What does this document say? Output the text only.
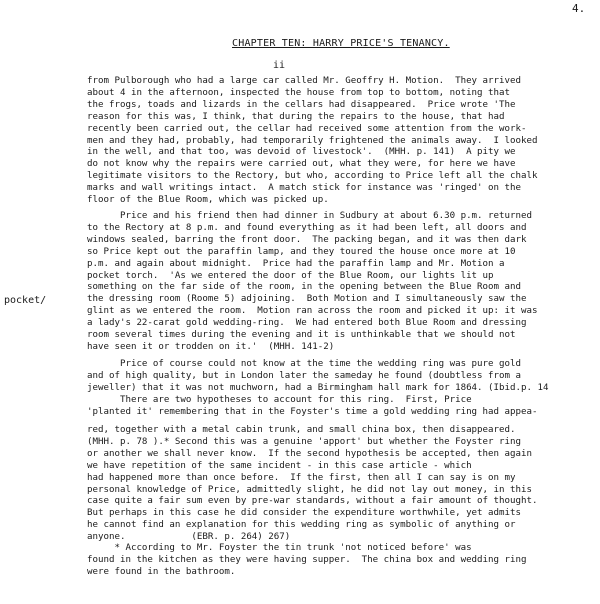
4.
CHAPTER TEN: HARRY PRICE'S TENANCY.
ii
pocket/
from Pulborough who had a large car called Mr. Geoffry H. Motion.  They arrived
about 4 in the afternoon, inspected the house from top to bottom, noting that
the frogs, toads and lizards in the cellars had disappeared.  Price wrote 'The
reason for this was, I think, that during the repairs to the house, that had
recently been carried out, the cellar had received some attention from the work-
men and they had, probably, had temporarily frightened the animals away.  I looked
in the well, and that too, was devoid of livestock'.  (MHH. p. 141)  A pity we
do not know why the repairs were carried out, what they were, for here we have
legitimate visitors to the Rectory, but who, according to Price left all the chalk
marks and wall writings intact.  A match stick for instance was 'ringed' on the
floor of the Blue Room, which was picked up.
Price and his friend then had dinner in Sudbury at about 6.30 p.m. returned
to the Rectory at 8 p.m. and found everything as it had been left, all doors and
windows sealed, barring the front door.  The packing began, and it was then dark
so Price kept out the paraffin lamp, and they toured the house once more at 10
p.m. and again about midnight.  Price had the paraffin lamp and Mr. Motion a
pocket torch.  'As we entered the door of the Blue Room, our lights lit up
something on the far side of the room, in the opening between the Blue Room and
the dressing room (Roome 5) adjoining.  Both Motion and I simultaneously saw the
glint as we entered the room.  Motion ran across the room and picked it up: it was
a lady's 22-carat gold wedding-ring.  We had entered both Blue Room and dressing
room several times during the evening and it is unthinkable that we should not
have seen it or trodden on it.'  (MHH. 141-2)
Price of course could not know at the time the wedding ring was pure gold
and of high quality, but in London later the sameday he found (doubtless from a
jeweller) that it was not muchworn, had a Birmingham hall mark for 1864. (Ibid.p. 14
There are two hypotheses to account for this ring.  First, Price
'planted it' remembering that in the Foyster's time a gold wedding ring had appea-
red, together with a metal cabin trunk, and small china box, then disappeared.
(MHH. p. 78 ).* Second this was a genuine 'apport' but whether the Foyster ring
or another we shall never know.  If the second hypothesis be accepted, then again
we have repetition of the same incident - in this case article - which
had happened more than once before.  If the first, then all I can say is on my
personal knowledge of Price, admittedly slight, he did not lay out money, in this
case quite a fair sum even by pre-war standards, without a fair amount of thought.
But perhaps in this case he did consider the expenditure worthwhile, yet admits
he cannot find an explanation for this wedding ring as symbolic of anything or
anyone.            (EBR. p. 264) 267)
* According to Mr. Foyster the tin trunk 'not noticed before' was
found in the kitchen as they were having supper.  The china box and wedding ring
were found in the bathroom.
